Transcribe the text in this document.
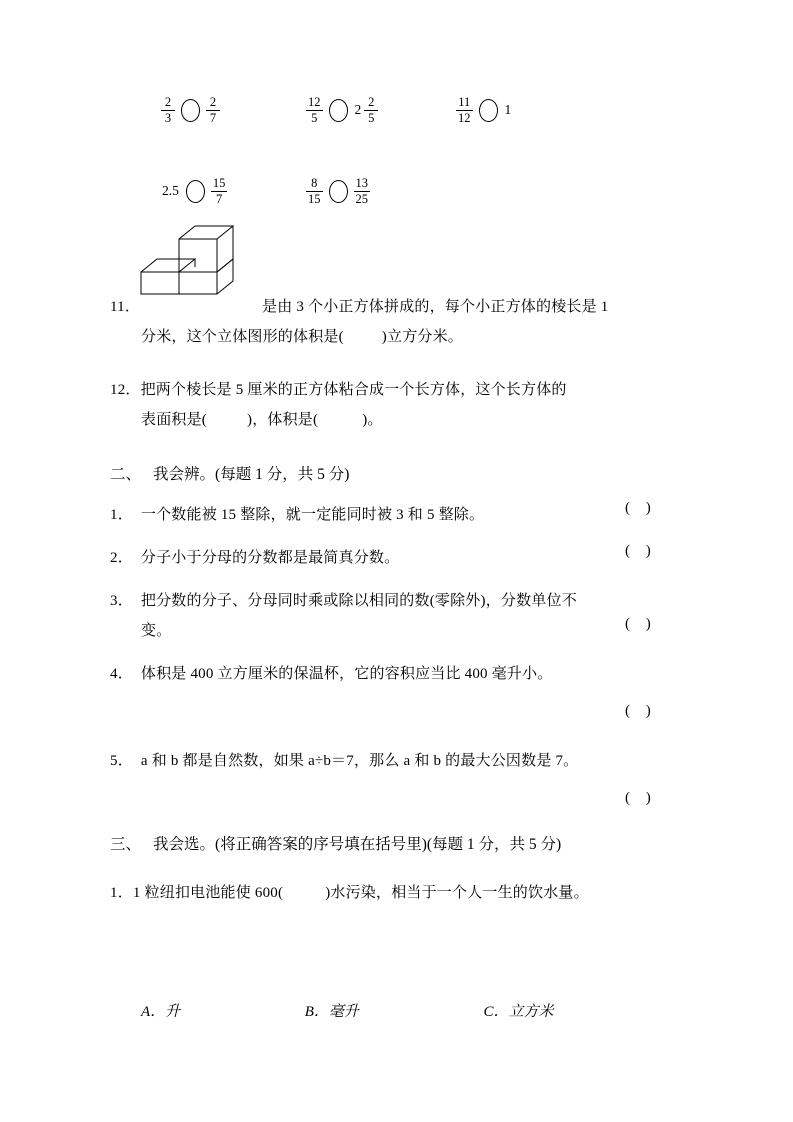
$\frac{2}{3} \frac{2}{7}$	$\frac{12}{5} 2 \frac{2}{5}$	$\frac{11}{12} 1$
2.5	$\frac{15}{7}$	$\frac{8}{15} \frac{13}{25}$
11．	是由 3 个小正方体拼成的，每个小正方体的棱长是 1
分米，这个立体图形的体积是(	)立方分米。
12．把两个棱长是 5 厘米的正方体粘合成一个长方体，这个长方体的
表面积是(	)，体积是(	)。
二、 我会辨。(每题 1 分，共 5 分)
1． 一个数能被 15 整除，就一定能同时被 3 和 5 整除。	( )
2． 分子小于分母的分数都是最简真分数。	( )
3． 把分数的分子、分母同时乘或除以相同的数(零除外)，分数单位不
变。	( )
4． 体积是 400 立方厘米的保温杯，它的容积应当比 400 毫升小。
( )
5． a 和 b 都是自然数，如果 a÷b＝7，那么 a 和 b 的最大公因数是 7。
( )
三、 我会选。(将正确答案的序号填在括号里)(每题 1 分，共 5 分)
1．1 粒纽扣电池能使 600(	)水污染，相当于一个人一生的饮水量。
A．升	B．毫升	C．立方米
